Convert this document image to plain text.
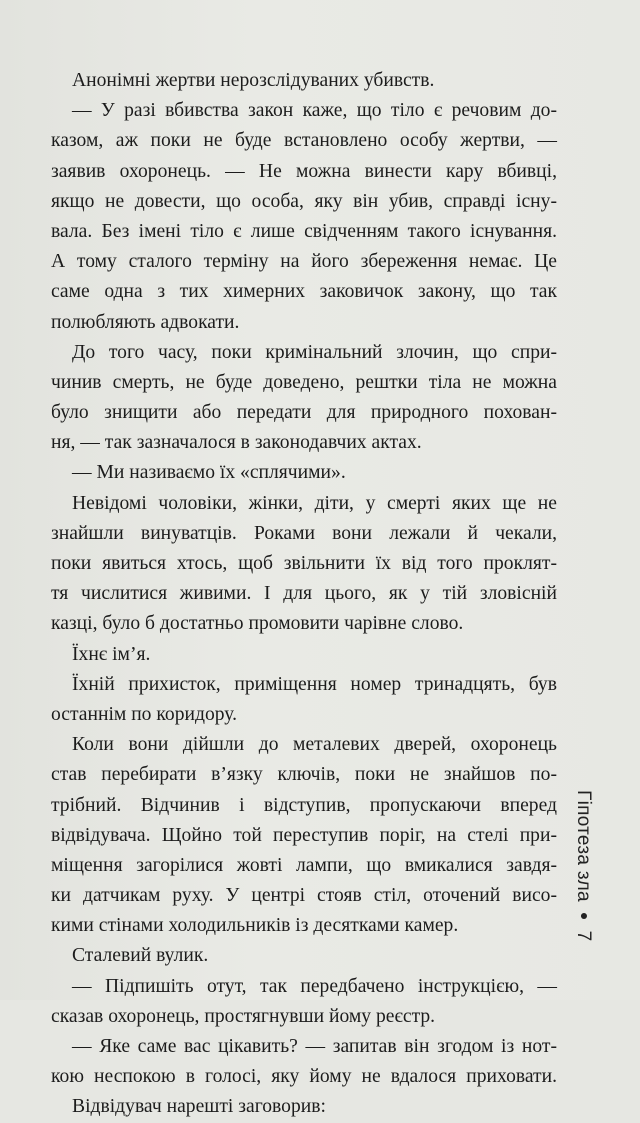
Анонімні жертви нерозслідуваних убивств.
— У разі вбивства закон каже, що тіло є речовим до-
казом, аж поки не буде встановлено особу жертви, —
заявив охоронець. — Не можна винести кару вбивці,
якщо не довести, що особа, яку він убив, справді існу-
вала. Без імені тіло є лише свідченням такого існування.
А тому сталого терміну на його збереження немає. Це
саме одна з тих химерних заковичок закону, що так
полюбляють адвокати.
До того часу, поки кримінальний злочин, що спри-
чинив смерть, не буде доведено, рештки тіла не можна
було знищити або передати для природного похован-
ня, — так зазначалося в законодавчих актах.
— Ми називаємо їх «сплячими».
Невідомі чоловіки, жінки, діти, у смерті яких ще не
знайшли винуватців. Роками вони лежали й чекали,
поки явиться хтось, щоб звільнити їх від того проклят-
тя числитися живими. І для цього, як у тій зловісній
казці, було б достатньо промовити чарівне слово.
Їхнє ім’я.
Їхній прихисток, приміщення номер тринадцять, був
останнім по коридору.
Коли вони дійшли до металевих дверей, охоронець
став перебирати в’язку ключів, поки не знайшов по-
трібний. Відчинив і відступив, пропускаючи вперед
відвідувача. Щойно той переступив поріг, на стелі при-
міщення загорілися жовті лампи, що вмикалися завдя-
ки датчикам руху. У центрі стояв стіл, оточений висо-
кими стінами холодильників із десятками камер.
Сталевий вулик.
— Підпишіть отут, так передбачено інструкцією, —
сказав охоронець, простягнувши йому реєстр.
— Яке саме вас цікавить? — запитав він згодом із нот-
кою неспокою в голосі, яку йому не вдалося приховати.
Відвідувач нарешті заговорив:
Гіпотеза зла●7
